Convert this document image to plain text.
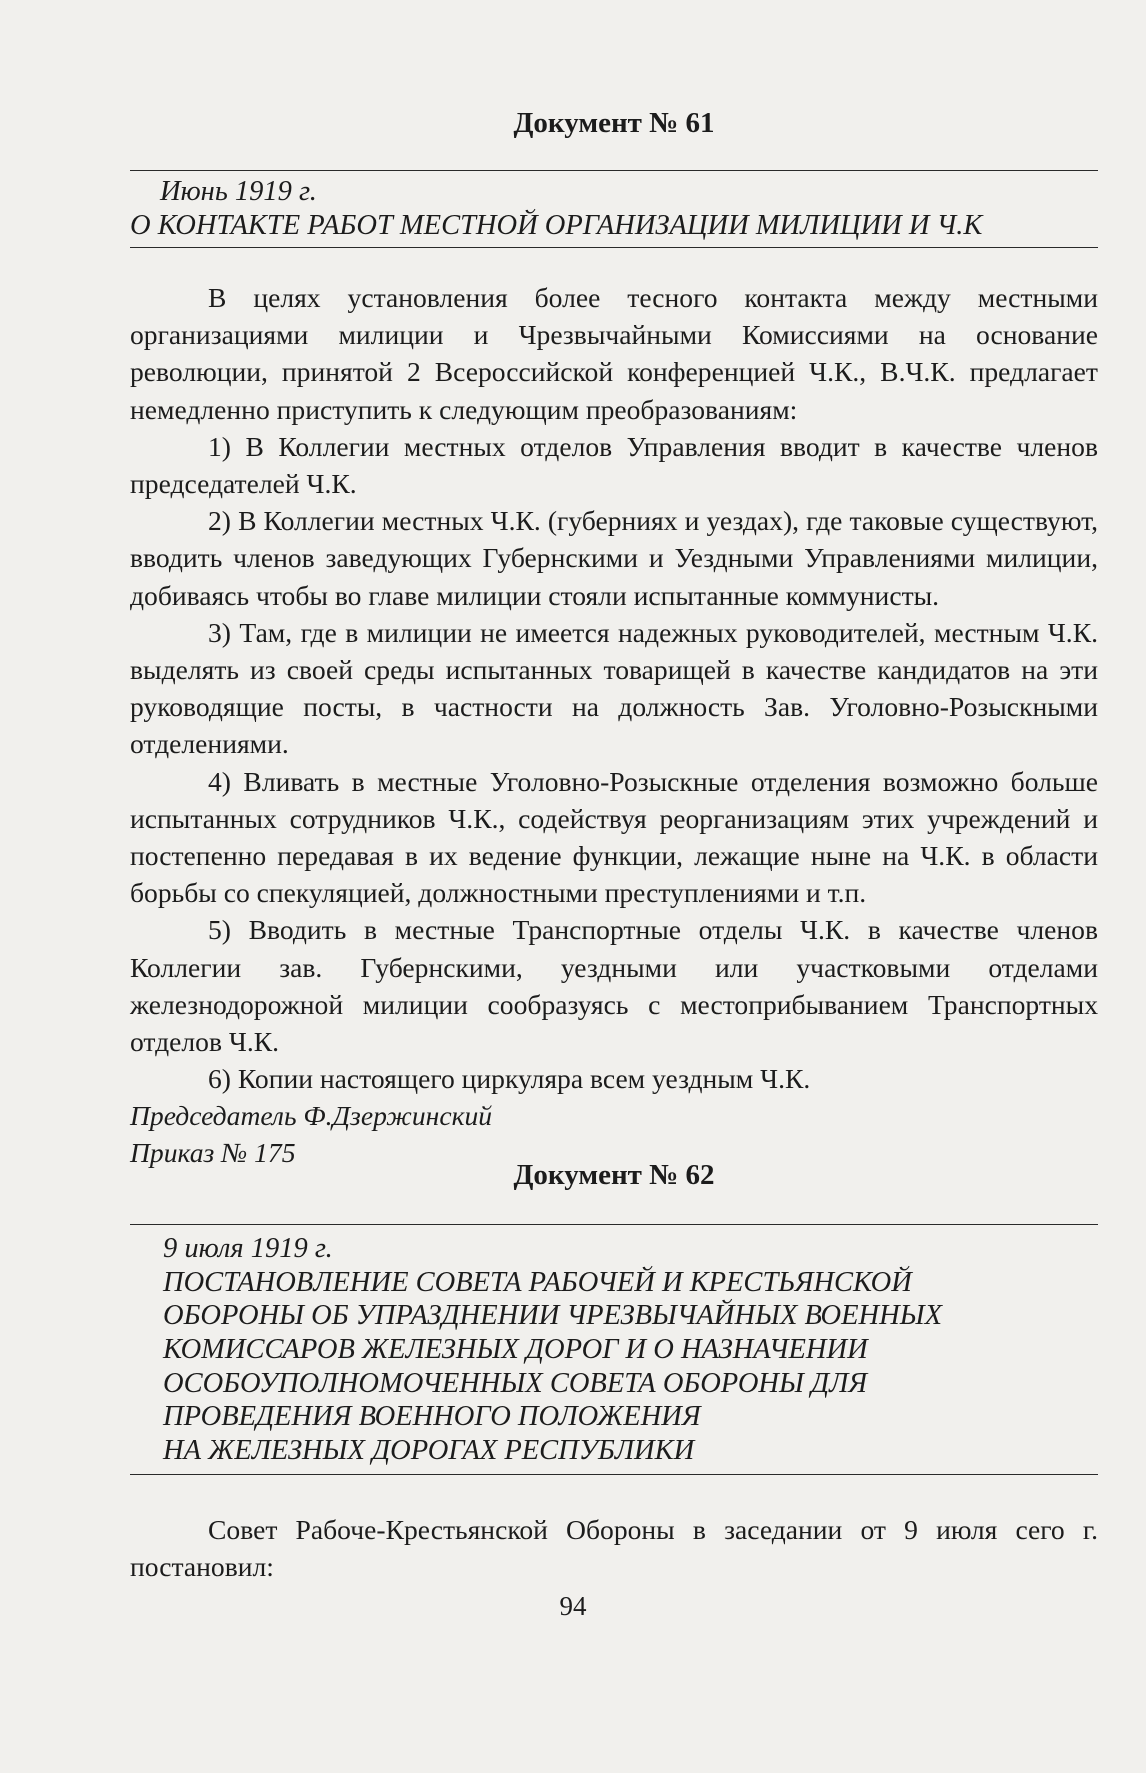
Документ № 61

Июнь 1919 г.

О КОНТАКТЕ РАБОТ МЕСТНОЙ ОРГАНИЗАЦИИ МИЛИЦИИ И Ч.К

В целях установления более тесного контакта между местными организациями милиции и Чрезвычайными Комиссиями на основание революции, принятой 2 Всероссийской конференцией Ч.К., В.Ч.К. предлагает немедленно приступить к следующим преобразованиям:

1) В Коллегии местных отделов Управления вводит в качестве членов председателей Ч.К.

2) В Коллегии местных Ч.К. (губерниях и уездах), где таковые существуют, вводить членов заведующих Губернскими и Уездными Управлениями милиции, добиваясь чтобы во главе милиции стояли испытанные коммунисты.

3) Там, где в милиции не имеется надежных руководителей, местным Ч.К. выделять из своей среды испытанных товарищей в качестве кандидатов на эти руководящие посты, в частности на должность Зав. Уголовно-Розыскными отделениями.

4) Вливать в местные Уголовно-Розыскные отделения возможно больше испытанных сотрудников Ч.К., содействуя реорганизациям этих учреждений и постепенно передавая в их ведение функции, лежащие ныне на Ч.К. в области борьбы со спекуляцией, должностными преступлениями и т.п.

5) Вводить в местные Транспортные отделы Ч.К. в качестве членов Коллегии зав. Губернскими, уездными или участковыми отделами железнодорожной милиции сообразуясь с местоприбыванием Транспортных отделов Ч.К.

6) Копии настоящего циркуляра всем уездным Ч.К.

Председатель Ф.Дзержинский

Приказ № 175

Документ № 62

9 июля 1919 г.

ПОСТАНОВЛЕНИЕ СОВЕТА РАБОЧЕЙ И КРЕСТЬЯНСКОЙ

ОБОРОНЫ ОБ УПРАЗДНЕНИИ ЧРЕЗВЫЧАЙНЫХ ВОЕННЫХ

КОМИССАРОВ ЖЕЛЕЗНЫХ ДОРОГ И О НАЗНАЧЕНИИ

ОСОБОУПОЛНОМОЧЕННЫХ СОВЕТА ОБОРОНЫ ДЛЯ

ПРОВЕДЕНИЯ ВОЕННОГО ПОЛОЖЕНИЯ

НА ЖЕЛЕЗНЫХ ДОРОГАХ РЕСПУБЛИКИ

Совет Рабоче-Крестьянской Обороны в заседании от 9 июля сего г. постановил:

94
